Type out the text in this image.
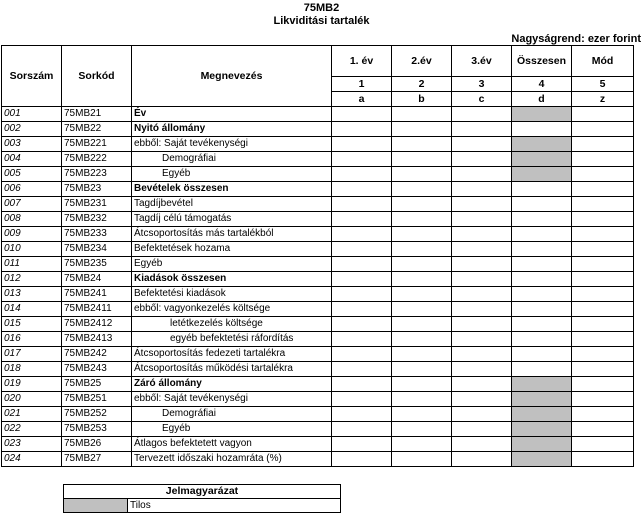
75MB2
Likviditási tartalék
Nagyságrend: ezer forint
Sorszám	Sorkód	Megnevezés	1. év	2.év	3.év	Összesen	Mód
			1	2	3	4	5
			a	b	c	d	z
001	75MB21	Év					
002	75MB22	Nyitó állomány					
003	75MB221	ebből: Saját tevékenységi					
004	75MB222	Demográfiai					
005	75MB223	Egyéb					
006	75MB23	Bevételek összesen					
007	75MB231	Tagdíjbevétel					
008	75MB232	Tagdíj célú támogatás					
009	75MB233	Átcsoportosítás más tartalékból					
010	75MB234	Befektetések hozama					
011	75MB235	Egyéb					
012	75MB24	Kiadások összesen					
013	75MB241	Befektetési kiadások					
014	75MB2411	ebből: vagyonkezelés költsége					
015	75MB2412	letétkezelés költsége					
016	75MB2413	egyéb befektetési ráfordítás					
017	75MB242	Átcsoportosítás fedezeti tartalékra					
018	75MB243	Átcsoportosítás működési tartalékra					
019	75MB25	Záró állomány					
020	75MB251	ebből: Saját tevékenységi					
021	75MB252	Demográfiai					
022	75MB253	Egyéb					
023	75MB26	Átlagos befektetett vagyon					
024	75MB27	Tervezett időszaki hozamráta (%)					
Jelmagyarázat
	Tilos
